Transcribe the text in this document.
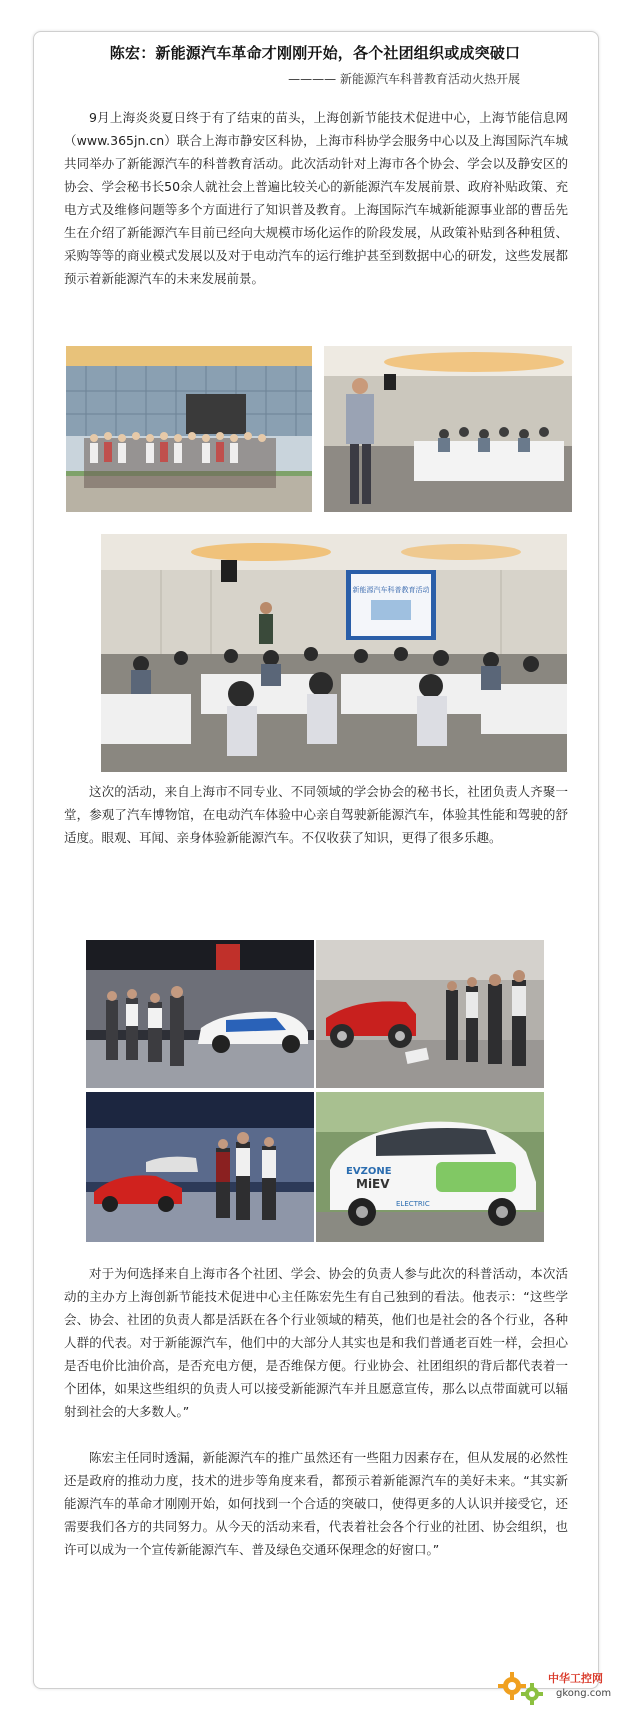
陈宏：新能源汽车革命才刚刚开始，各个社团组织或成突破口
———— 新能源汽车科普教育活动火热开展

9月上海炎炎夏日终于有了结束的苗头，上海创新节能技术促进中心，上海节能信息网（www.365jn.cn）联合上海市静安区科协，上海市科协学会服务中心以及上海国际汽车城共同举办了新能源汽车的科普教育活动。此次活动针对上海市各个协会、学会以及静安区的协会、学会秘书长50余人就社会上普遍比较关心的新能源汽车发展前景、政府补贴政策、充电方式及维修问题等多个方面进行了知识普及教育。上海国际汽车城新能源事业部的曹岳先生在介绍了新能源汽车目前已经向大规模市场化运作的阶段发展，从政策补贴到各种租赁、采购等等的商业模式发展以及对于电动汽车的运行维护甚至到数据中心的研发，这些发展都预示着新能源汽车的未来发展前景。

新能源汽车科普教育活动

这次的活动，来自上海市不同专业、不同领域的学会协会的秘书长，社团负责人齐聚一堂，参观了汽车博物馆，在电动汽车体验中心亲自驾驶新能源汽车，体验其性能和驾驶的舒适度。眼观、耳闻、亲身体验新能源汽车。不仅收获了知识，更得了很多乐趣。

EVZONE
MiEV
ELECTRIC

对于为何选择来自上海市各个社团、学会、协会的负责人参与此次的科普活动，本次活动的主办方上海创新节能技术促进中心主任陈宏先生有自己独到的看法。他表示：“这些学会、协会、社团的负责人都是活跃在各个行业领域的精英，他们也是社会的各个行业，各种人群的代表。对于新能源汽车，他们中的大部分人其实也是和我们普通老百姓一样，会担心是否电价比油价高，是否充电方便，是否维保方便。行业协会、社团组织的背后都代表着一个团体，如果这些组织的负责人可以接受新能源汽车并且愿意宣传，那么以点带面就可以辐射到社会的大多数人。”

陈宏主任同时透漏，新能源汽车的推广虽然还有一些阻力因素存在，但从发展的必然性还是政府的推动力度，技术的进步等角度来看，都预示着新能源汽车的美好未来。“其实新能源汽车的革命才刚刚开始，如何找到一个合适的突破口，使得更多的人认识并接受它，还需要我们各方的共同努力。从今天的活动来看，代表着社会各个行业的社团、协会组织，也许可以成为一个宣传新能源汽车、普及绿色交通环保理念的好窗口。”

中华工控网
gkong.com
